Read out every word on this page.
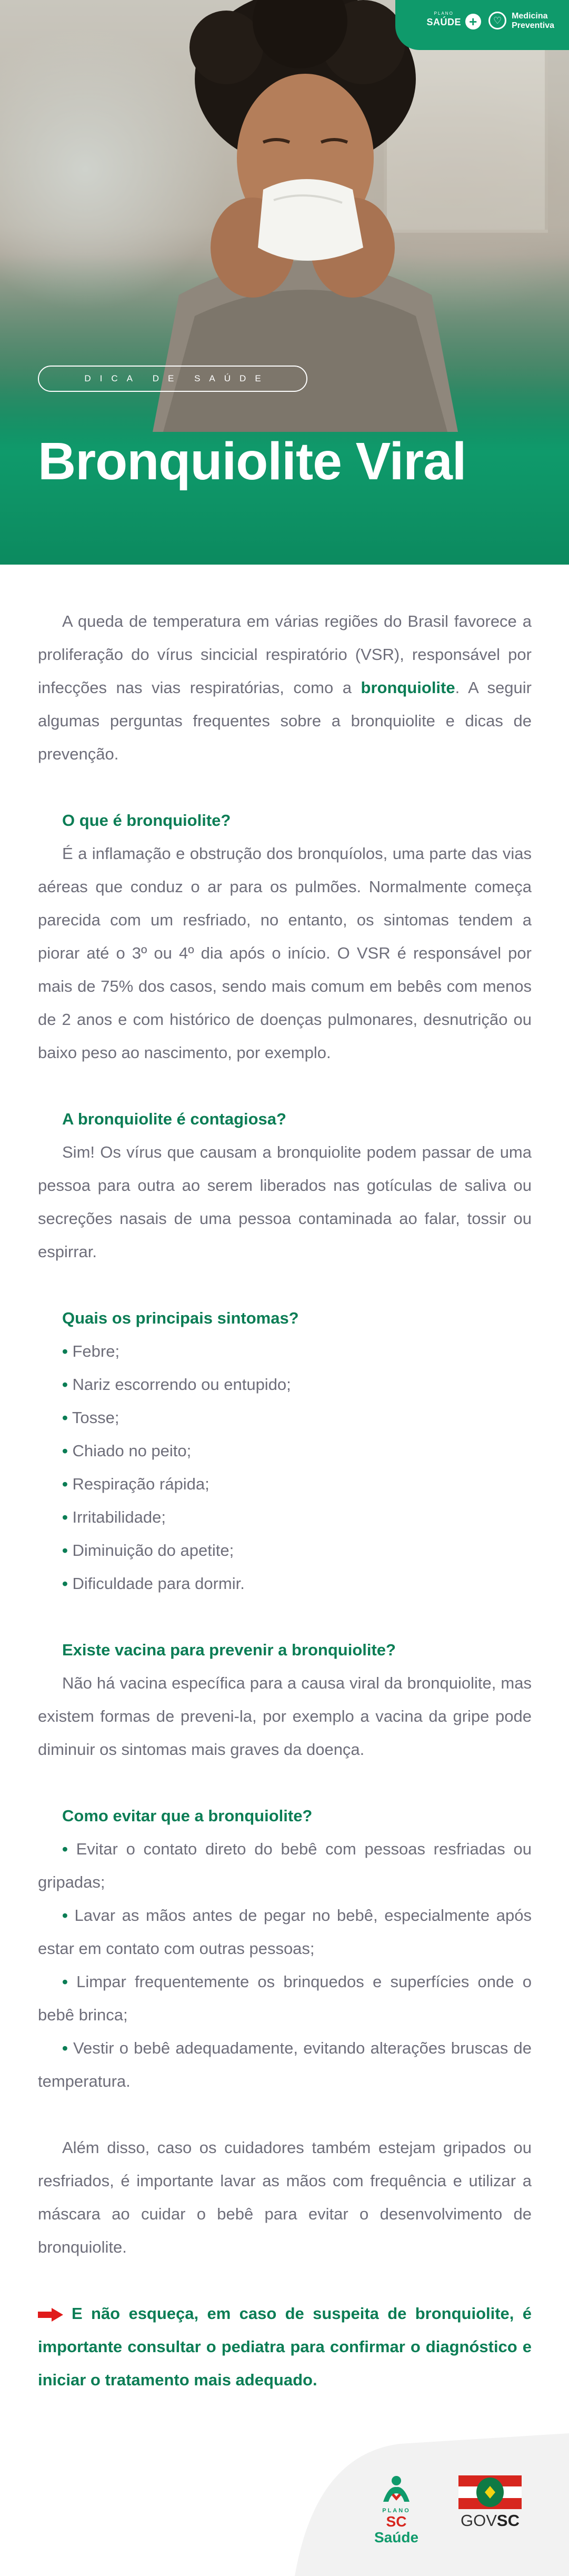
PLANO
SAÚDE +	♡	Medicina
Preventiva
DICA DE SAÚDE
Bronquiolite Viral

A queda de temperatura em várias regiões do Brasil favorece a proliferação do vírus sincicial respiratório (VSR), responsável por infecções nas vias respiratórias, como a bronquiolite. A seguir algumas perguntas frequentes sobre a bronquiolite e dicas de prevenção.

O que é bronquiolite?

É a inflamação e obstrução dos bronquíolos, uma parte das vias aéreas que conduz o ar para os pulmões. Normalmente começa parecida com um resfriado, no entanto, os sintomas tendem a piorar até o 3º ou 4º dia após o início. O VSR é responsável por mais de 75% dos casos, sendo mais comum em bebês com menos de 2 anos e com histórico de doenças pulmonares, desnutrição ou baixo peso ao nascimento, por exemplo.

A bronquiolite é contagiosa?

Sim! Os vírus que causam a bronquiolite podem passar de uma pessoa para outra ao serem liberados nas gotículas de saliva ou secreções nasais de uma pessoa contaminada ao falar, tossir ou espirrar.

Quais os principais sintomas?
• Febre;
• Nariz escorrendo ou entupido;
• Tosse;
• Chiado no peito;
• Respiração rápida;
• Irritabilidade;
• Diminuição do apetite;
• Dificuldade para dormir.
Existe vacina para prevenir a bronquiolite?

Não há vacina específica para a causa viral da bronquiolite, mas existem formas de preveni-la, por exemplo a vacina da gripe pode diminuir os sintomas mais graves da doença.

Como evitar que a bronquiolite?
• Evitar o contato direto do bebê com pessoas resfriadas ou gripadas;
• Lavar as mãos antes de pegar no bebê, especialmente após estar em contato com outras pessoas;
• Limpar frequentemente os brinquedos e superfícies onde o bebê brinca;
• Vestir o bebê adequadamente, evitando alterações bruscas de temperatura.

Além disso, caso os cuidadores também estejam gripados ou resfriados, é importante lavar as mãos com frequência e utilizar a máscara ao cuidar o bebê para evitar o desenvolvimento de bronquiolite.

E não esqueça, em caso de suspeita de bronquiolite, é importante consultar o pediatra para confirmar o diagnóstico e iniciar o tratamento mais adequado.

PLANO
SC Saúde
GOVSC
